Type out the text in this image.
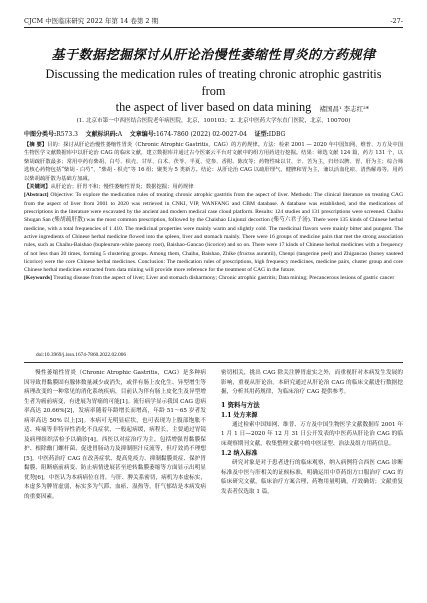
CJCM 中医临床研究 2022 年第 14 卷第 2 期	-27-
基于数据挖掘探讨从肝论治慢性萎缩性胃炎的方药规律
Discussing the medication rules of treating chronic atrophic gastritis from
the aspect of liver based on data mining	褚国昌¹ 李志红²*
(1. 北京市第一中西医结合医院老年病医院，北京，100103；2. 北京中医药大学东直门医院，北京，100700)
中图分类号:R573.3 文献标识码:A 文章编号:1674-7860 (2022) 02-0027-04 证型:IDBG

【摘 要】目的：探讨从肝论治慢性萎缩性胃炎（Chronic Atrophic Gastritis，CAG）的方药规律。方法：检索 2001 — 2020 年中国知网、维普、万方及中国生物医学文献数据库中以肝论治 CAG 的临床文献，建立数据库并通过古今医案云平台对文献中的组方用药进行挖掘。结果：筛选文献 124 篇，药方 131 个，以柴胡疏肝散最多；常用中药有柴胡、白芍、枳壳、甘草、白术、茯苓、半夏、党参、香附、陈皮等；药物性味以甘、辛、苦为主，归经以脾、胃、肝为主；综合筛选核心药物包括“柴胡 - 白芍”、“柴胡 - 枳壳”等 16 组；聚类为 5 类新方。结论：从肝论治 CAG 以疏肝理气、健脾和胃为主，兼以活血化瘀、清热解毒等，用药以柴胡疏肝散为基础方加减。

【关键词】从肝论治；肝胃不和；慢性萎缩性胃炎；数据挖掘；用药规律

[Abstract] Objective: To explore the medication rules of treating chronic atrophic gastritis from the aspect of liver. Methods: The clinical literature on treating CAG from the aspect of liver from 2001 to 2020 was retrieved in CNKI, VIP, WANFANG and CBM database. A database was established, and the medications of prescriptions in the literature were excavated by the ancient and modern medical case cloud platform. Results: 124 studies and 131 prescriptions were screened. Chaihu Shugan San (柴胡疏肝散) was the most common prescription, followed by the Chaishao Liujunzi decoction (柴芍六君子汤). There were 135 kinds of Chinese herbal medicine, with a total frequencies of 1 410. The medicinal properties were mainly warm and slightly cold. The medicinal flavors were mainly bitter and pungent. The active ingredients of Chinese herbal medicine flowed into the spleen, liver and stomach mainly. There were 16 groups of medicine pairs that met the strong association rules, such as Chaihu-Baishao (bupleurum-white paeony root), Baishao-Gancao (licorice) and so on. There were 17 kinds of Chinese herbal medicines with a frequency of not less than 20 times, forming 5 clustering groups. Among them, Chaihu, Baishao, Zhike (fructus aurantii), Chenpi (tangerine peel) and Zhigancao (honey sauteed licorice) were the core Chinese herbal medicines. Conclusion: The medication rules of prescriptions, high frequency medicines, medicine pairs, cluster group and core Chinese herbal medicines extracted from data mining will provide more reference for the treatment of CAG in the future.

[Keywords] Treating disease from the aspect of liver; Liver and stomach disharmony; Chronic atrophic gastritis; Data mining; Precancerous lesions of gastric cancer

doi:10.3969/j.issn.1674-7860.2022.02.006

慢性萎缩性胃炎（Chronic Atrophic Gastritis，CAG）是多种病因导致胃黏膜固有腺体数量减少或消失，或伴有肠上皮化生、异型增生等病理改变的一种常见的消化系统疾病，目前认为伴有肠上皮化生及异型增生者为癌前病变，有进展为胃癌的可能[1]。流行病学显示我国 CAG 患病率高达 20.66%[2]，发病率随着年龄增长而增高，年龄 51～65 岁者发病率高达 50% 以上[3]。本病可无明显症状，也可表现为上腹部饱胀不适、疼痛等非特异性消化不良症状，一般起病缓，病程长，主要通过胃镜及病理组织活检予以确诊[4]。西医以对症治疗为主，包括增强胃黏膜保护、根除幽门螺杆菌、促进胃肠动力及抑制胆汁反流等，但疗效尚不理想[5]。中医药治疗 CAG 在改善症状、提高免疫力、抑制黏膜炎症、保护胃黏膜、阻断癌前病变、防止病情进展甚至逆转黏膜萎缩等方面显示出明显优势[6]。中医认为本病病位在胃，与肝、脾关系密切，病机为本虚标实，本虚多为脾胃虚弱，标实多为气滞、血瘀、湿热等，肝气郁结是本病发病的重要因素。

密切相关，挑出 CAG 除关注脾胃虚实之外，而重视肝对本病发生发展的影响，重视从肝论治。本研究通过从肝论治 CAG 的临床文献进行数据挖掘，分析其用药规律，为临床治疗 CAG 提供参考。

1 资料与方法
1.1 处方来源

通过检索中国知网、维普、万方及中国生物医学文献数据库 2001 年 1 月 1 日—2020 年 12 月 31 日公开发表的中医药从肝论治 CAG 的临床观察期刊文献，收集整理文献中的中医证型、治法及组方用药信息。

1.2 纳入标准

研究对象是对于患者进行的临床观察，纳入病例符合西医 CAG 诊断标准及中医与肝相关的证候标准，明确运用中草药组方口服治疗 CAG 的临床研究文献，临床治疗方案合理，药物用量明确，疗效确切；文献重复发表者仅选取 1 篇。
